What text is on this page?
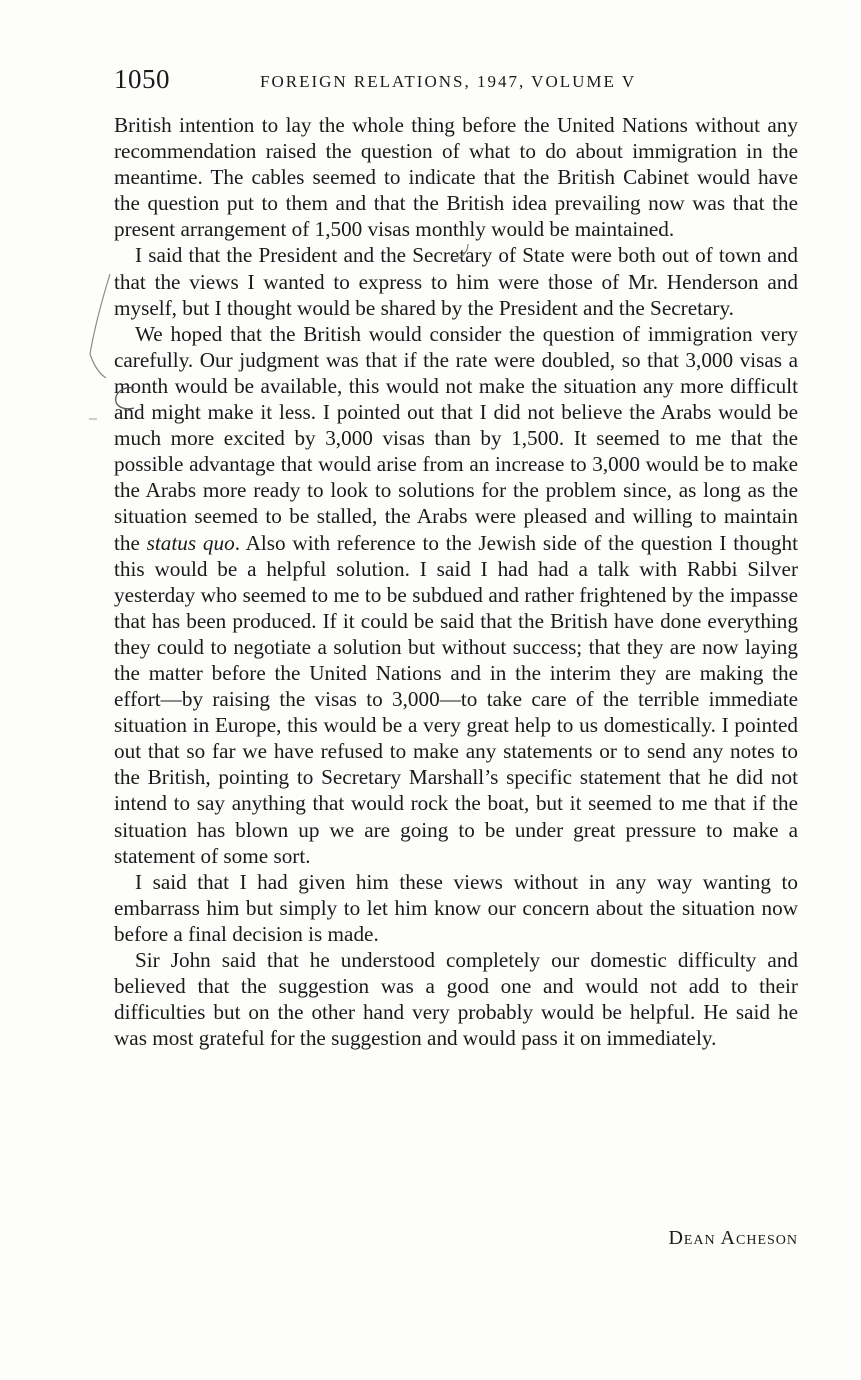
1050	FOREIGN RELATIONS, 1947, VOLUME V

British intention to lay the whole thing before the United Nations without any recommendation raised the question of what to do about immigration in the meantime. The cables seemed to indicate that the British Cabinet would have the question put to them and that the British idea prevailing now was that the present arrangement of 1,500 visas monthly would be maintained.

I said that the President and the Secretary of State were both out of town and that the views I wanted to express to him were those of Mr. Henderson and myself, but I thought would be shared by the President and the Secretary.

We hoped that the British would consider the question of immigration very carefully. Our judgment was that if the rate were doubled, so that 3,000 visas a month would be available, this would not make the situation any more difficult and might make it less. I pointed out that I did not believe the Arabs would be much more excited by 3,000 visas than by 1,500. It seemed to me that the possible advantage that would arise from an increase to 3,000 would be to make the Arabs more ready to look to solutions for the problem since, as long as the situation seemed to be stalled, the Arabs were pleased and willing to maintain the status quo. Also with reference to the Jewish side of the question I thought this would be a helpful solution. I said I had had a talk with Rabbi Silver yesterday who seemed to me to be subdued and rather frightened by the impasse that has been produced. If it could be said that the British have done everything they could to negotiate a solution but without success; that they are now laying the matter before the United Nations and in the interim they are making the effort—by raising the visas to 3,000—to take care of the terrible immediate situation in Europe, this would be a very great help to us domestically. I pointed out that so far we have refused to make any statements or to send any notes to the British, pointing to Secretary Marshall’s specific statement that he did not intend to say anything that would rock the boat, but it seemed to me that if the situation has blown up we are going to be under great pressure to make a statement of some sort.

I said that I had given him these views without in any way wanting to embarrass him but simply to let him know our concern about the situation now before a final decision is made.

Sir John said that he understood completely our domestic difficulty and believed that the suggestion was a good one and would not add to their difficulties but on the other hand very probably would be helpful. He said he was most grateful for the suggestion and would pass it on immediately.

Dean Acheson
